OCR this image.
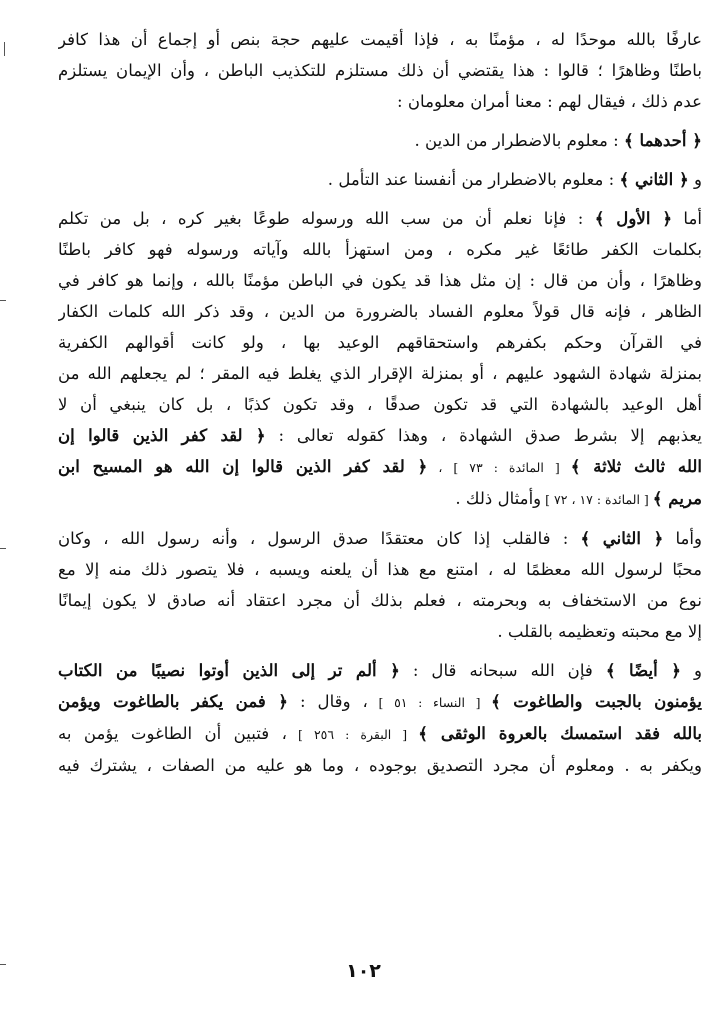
عارفًا بالله موحدًا له ، مؤمنًا به ، فإذا أقيمت عليهم حجة بنص أو إجماع أن هذا كافر
باطنًا وظاهرًا ؛ قالوا : هذا يقتضي أن ذلك مستلزم للتكذيب الباطن ، وأن الإيمان يستلزم
عدم ذلك ، فيقال لهم : معنا أمران معلومان :
﴿ أحدهما ﴾ : معلوم بالاضطرار من الدين .
و ﴿ الثاني ﴾ : معلوم بالاضطرار من أنفسنا عند التأمل .
أما ﴿ الأول ﴾ : فإنا نعلم أن من سب الله ورسوله طوعًا بغير كره ، بل من تكلم
بكلمات الكفر طائعًا غير مكره ، ومن استهزأ بالله وآياته ورسوله فهو كافر باطنًا
وظاهرًا ، وأن من قال : إن مثل هذا قد يكون في الباطن مؤمنًا بالله ، وإنما هو كافر في
الظاهر ، فإنه قال قولاً معلوم الفساد بالضرورة من الدين ، وقد ذكر الله كلمات الكفار
في القرآن وحكم بكفرهم واستحقاقهم الوعيد بها ، ولو كانت أقوالهم الكفرية
بمنزلة شهادة الشهود عليهم ، أو بمنزلة الإقرار الذي يغلط فيه المقر ؛ لم يجعلهم الله من
أهل الوعيد بالشهادة التي قد تكون صدقًا ، وقد تكون كذبًا ، بل كان ينبغي أن لا
يعذبهم إلا بشرط صدق الشهادة ، وهذا كقوله تعالى : ﴿ لقد كفر الذين قالوا إن
الله ثالث ثلاثة ﴾ [ المائدة : ٧٣ ] ، ﴿ لقد كفر الذين قالوا إن الله هو المسيح ابن
مريم ﴾ [ المائدة : ١٧ ، ٧٢ ] وأمثال ذلك .
وأما ﴿ الثاني ﴾ : فالقلب إذا كان معتقدًا صدق الرسول ، وأنه رسول الله ، وكان
محبًا لرسول الله معظمًا له ، امتنع مع هذا أن يلعنه ويسبه ، فلا يتصور ذلك منه إلا مع
نوع من الاستخفاف به وبحرمته ، فعلم بذلك أن مجرد اعتقاد أنه صادق لا يكون إيمانًا
إلا مع محبته وتعظيمه بالقلب .
و ﴿ أيضًا ﴾ فإن الله سبحانه قال : ﴿ ألم تر إلى الذين أوتوا نصيبًا من الكتاب
يؤمنون بالجبت والطاغوت ﴾ [ النساء : ٥١ ] ، وقال : ﴿ فمن يكفر بالطاغوت ويؤمن
بالله فقد استمسك بالعروة الوثقى ﴾ [ البقرة : ٢٥٦ ] ، فتبين أن الطاغوت يؤمن به
ويكفر به . ومعلوم أن مجرد التصديق بوجوده ، وما هو عليه من الصفات ، يشترك فيه
١٠٢
